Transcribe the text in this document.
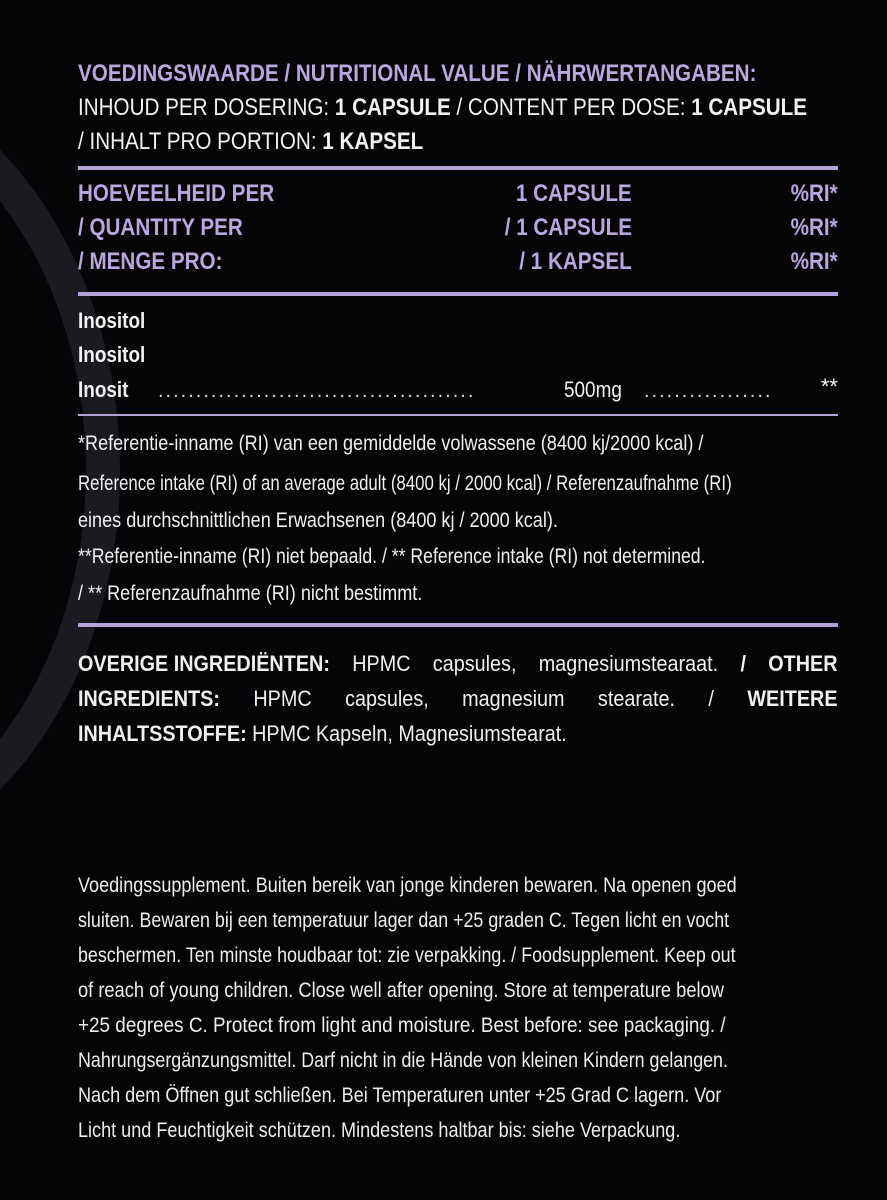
VOEDINGSWAARDE / NUTRITIONAL VALUE / NÄHRWERTANGABEN:
INHOUD PER DOSERING: 1 CAPSULE / CONTENT PER DOSE: 1 CAPSULE
/ INHALT PRO PORTION: 1 KAPSEL
HOEVEELHEID PER	1 CAPSULE	%RI*
/ QUANTITY PER	/ 1 CAPSULE	%RI*
/ MENGE PRO:	/ 1 KAPSEL	%RI*
Inositol
Inositol
Inosit ..........................................	500mg .................	**
*Referentie-inname (RI) van een gemiddelde volwassene (8400 kj/2000 kcal) /
Reference intake (RI) of an average adult (8400 kj / 2000 kcal) / Referenzaufnahme (RI)
eines durchschnittlichen Erwachsenen (8400 kj / 2000 kcal).
**Referentie-inname (RI) niet bepaald. / ** Reference intake (RI) not determined.
/ ** Referenzaufnahme (RI) nicht bestimmt.
OVERIGE INGREDIËNTEN: HPMC capsules, magnesiumstearaat. / OTHER
INGREDIENTS: HPMC capsules, magnesium stearate. / WEITERE
INHALTSSTOFFE: HPMC Kapseln, Magnesiumstearat.
Voedingssupplement. Buiten bereik van jonge kinderen bewaren. Na openen goed
sluiten. Bewaren bij een temperatuur lager dan +25 graden C. Tegen licht en vocht
beschermen. Ten minste houdbaar tot: zie verpakking. / Foodsupplement. Keep out
of reach of young children. Close well after opening. Store at temperature below
+25 degrees C. Protect from light and moisture. Best before: see packaging. /
Nahrungsergänzungsmittel. Darf nicht in die Hände von kleinen Kindern gelangen.
Nach dem Öffnen gut schließen. Bei Temperaturen unter +25 Grad C lagern. Vor
Licht und Feuchtigkeit schützen. Mindestens haltbar bis: siehe Verpackung.
